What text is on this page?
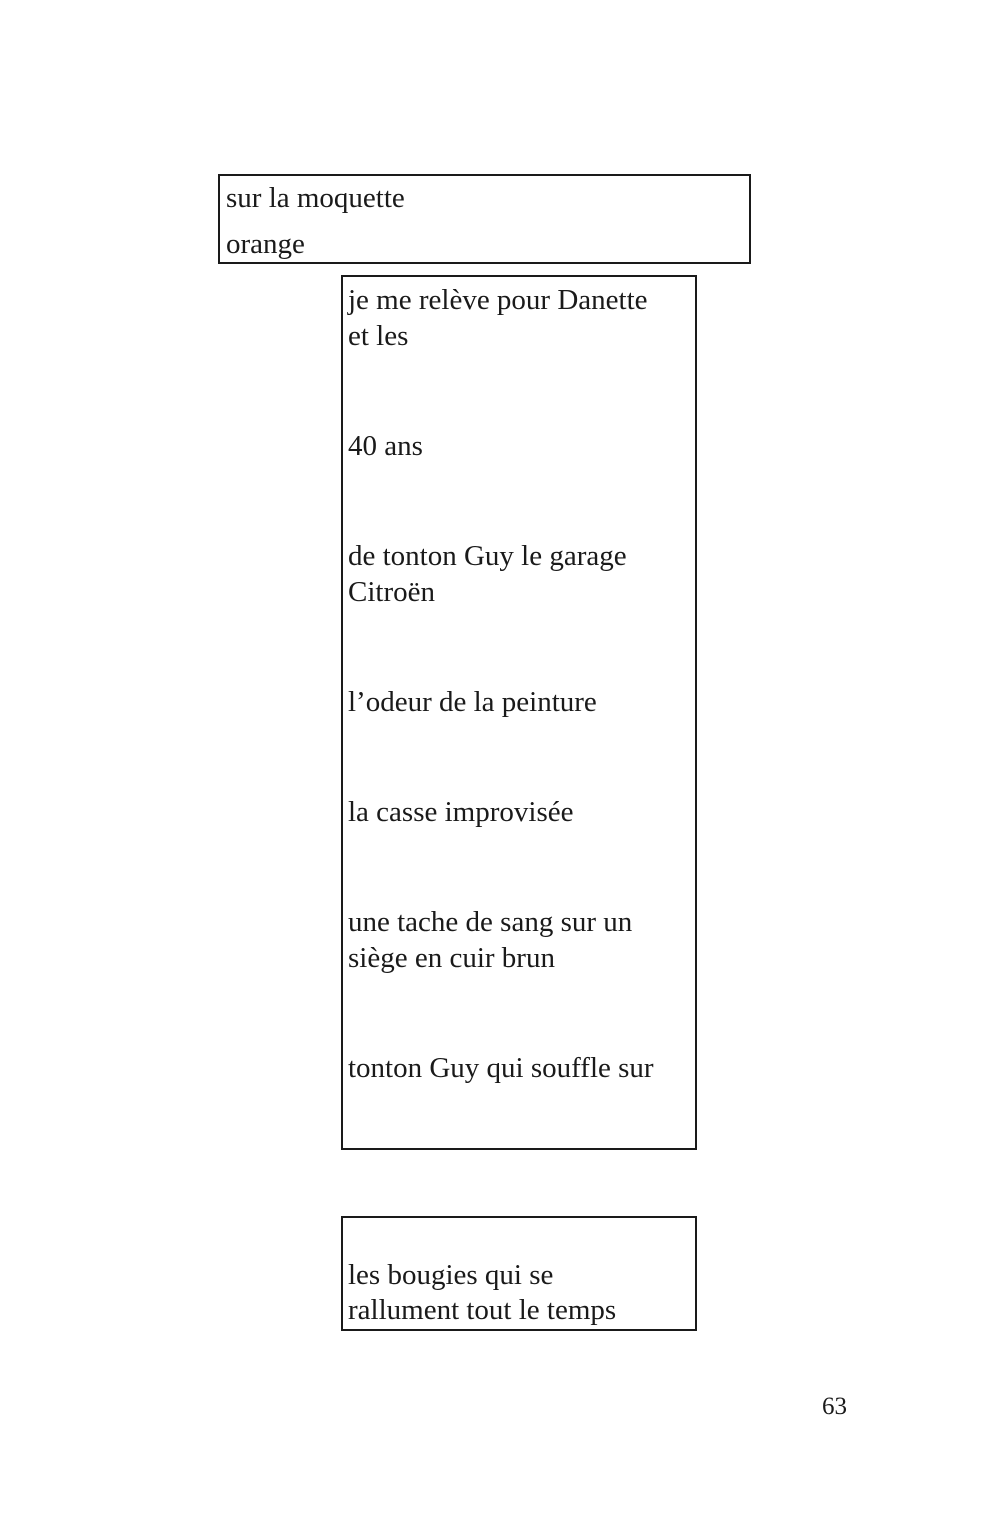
sur la moquette
orange
je me relève pour Danette
et les
40 ans
de tonton Guy le garage
Citroën
l’odeur de la peinture
la casse improvisée
une tache de sang sur un
siège en cuir brun
tonton Guy qui souffle sur
les bougies qui se
rallument tout le temps
63
